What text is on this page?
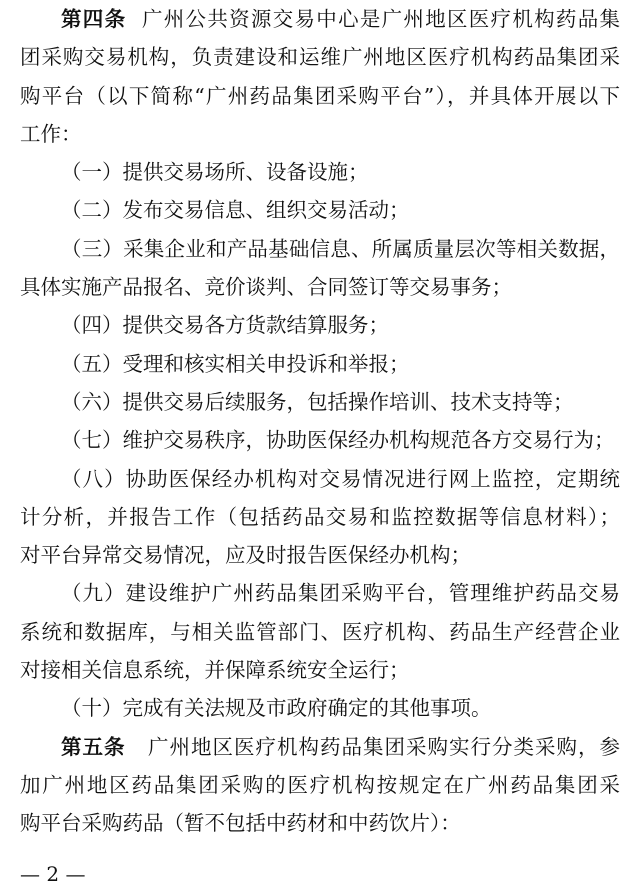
第四条 广州公共资源交易中心是广州地区医疗机构药品集
团采购交易机构，负责建设和运维广州地区医疗机构药品集团采
购平台（以下简称“广州药品集团采购平台”），并具体开展以下
工作：
（一）提供交易场所、设备设施；
（二）发布交易信息、组织交易活动；
（三）采集企业和产品基础信息、所属质量层次等相关数据，
具体实施产品报名、竞价谈判、合同签订等交易事务；
（四）提供交易各方货款结算服务；
（五）受理和核实相关申投诉和举报；
（六）提供交易后续服务，包括操作培训、技术支持等；
（七）维护交易秩序，协助医保经办机构规范各方交易行为；
（八）协助医保经办机构对交易情况进行网上监控，定期统
计分析，并报告工作（包括药品交易和监控数据等信息材料）；
对平台异常交易情况，应及时报告医保经办机构；
（九）建设维护广州药品集团采购平台，管理维护药品交易
系统和数据库，与相关监管部门、医疗机构、药品生产经营企业
对接相关信息系统，并保障系统安全运行；
（十）完成有关法规及市政府确定的其他事项。
第五条 广州地区医疗机构药品集团采购实行分类采购，参
加广州地区药品集团采购的医疗机构按规定在广州药品集团采
购平台采购药品（暂不包括中药材和中药饮片）：
— 2 —
